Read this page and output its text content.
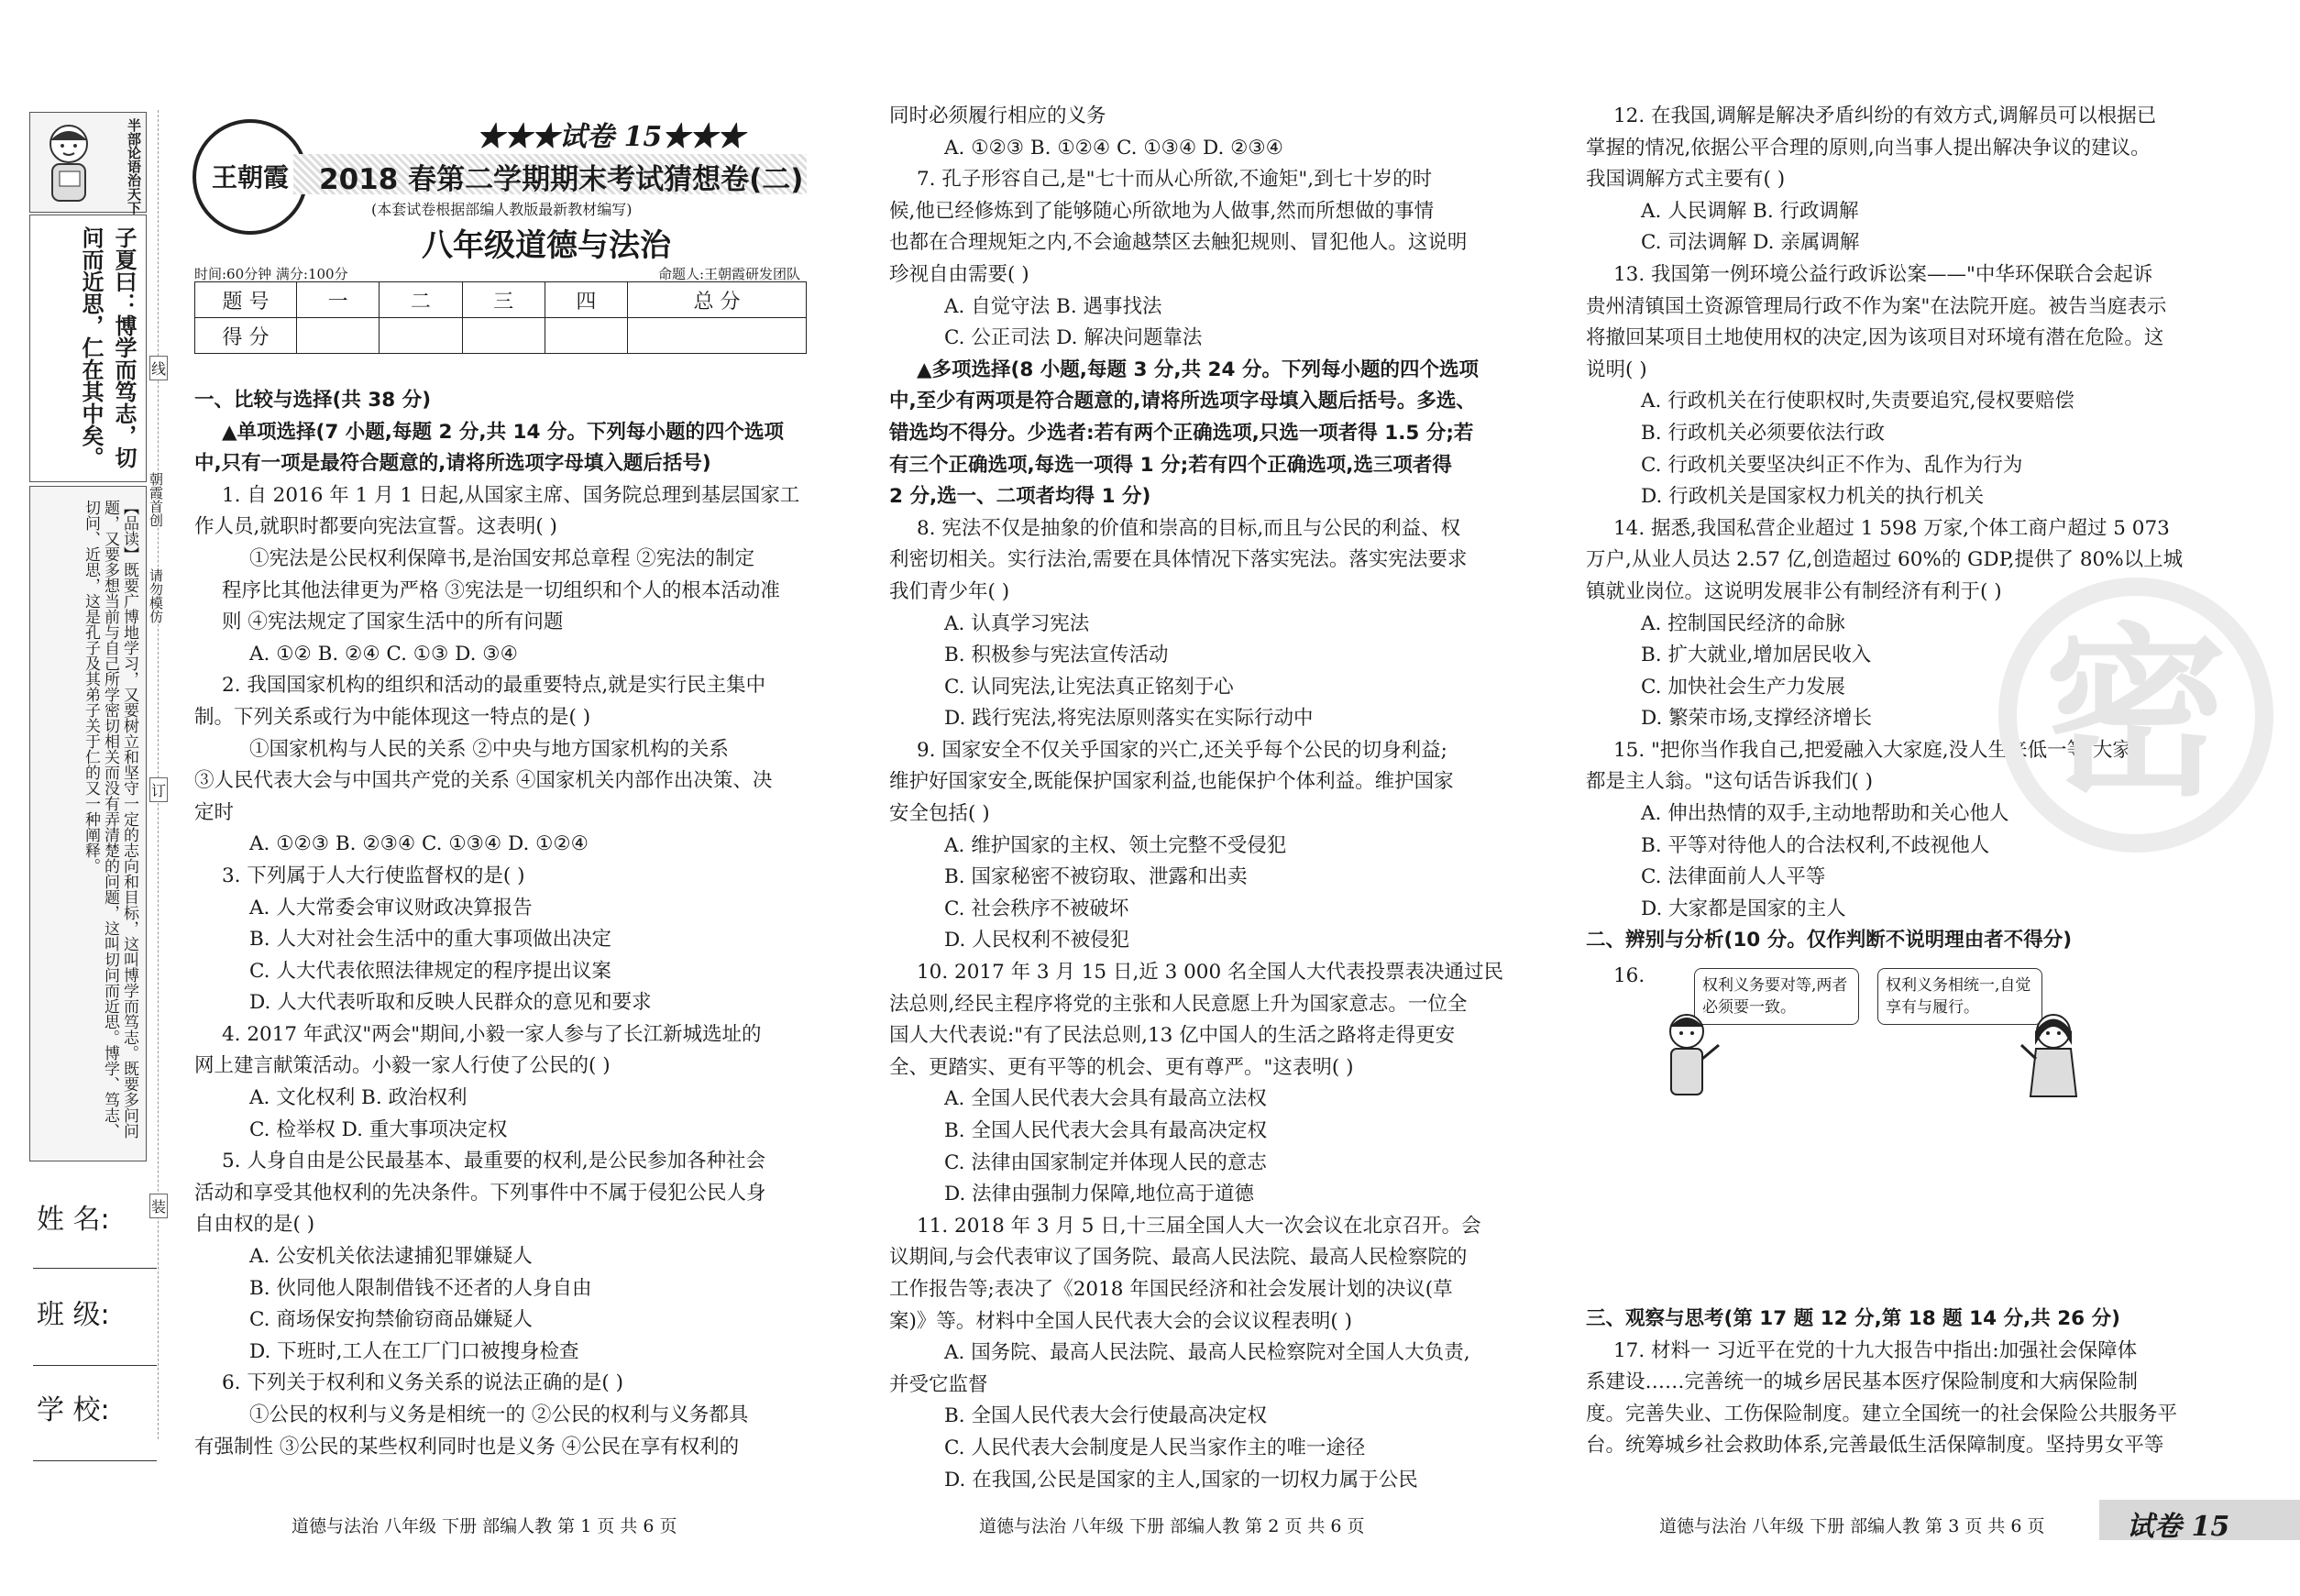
半部论语治天下
子夏曰：博学而笃志，切问而近思，仁在其中矣。
【品读】既要广博地学习，又要树立和坚守一定的志向和目标，这叫博学而笃志。既要多问问题，又要多想当前与自己所学密切相关而没有弄清楚的问题，这叫切问而近思。博学、笃志、切问、近思，这是孔子及其弟子关于仁的又一种阐释。
线
订
装
朝霞首创
请勿模仿
姓 名:
班 级:
学 校:
王朝霞
★★★试卷 15★★★
2018 春第二学期期末考试猜想卷(二)
(本套试卷根据部编人教版最新教材编写)
八年级道德与法治
时间:60分钟 满分:100分	命题人:王朝霞研发团队
题 号	一	二	三	四	总 分
得 分					

一、比较与选择(共 38 分)

▲单项选择(7 小题,每题 2 分,共 14 分。下列每小题的四个选项

中,只有一项是最符合题意的,请将所选项字母填入题后括号)

1. 自 2016 年 1 月 1 日起,从国家主席、国务院总理到基层国家工

作人员,就职时都要向宪法宣誓。这表明( )

①宪法是公民权利保障书,是治国安邦总章程 ②宪法的制定

程序比其他法律更为严格 ③宪法是一切组织和个人的根本活动准

则 ④宪法规定了国家生活中的所有问题

A. ①② B. ②④ C. ①③ D. ③④

2. 我国国家机构的组织和活动的最重要特点,就是实行民主集中

制。下列关系或行为中能体现这一特点的是( )

①国家机构与人民的关系 ②中央与地方国家机构的关系

③人民代表大会与中国共产党的关系 ④国家机关内部作出决策、决

定时

A. ①②③ B. ②③④ C. ①③④ D. ①②④

3. 下列属于人大行使监督权的是( )

A. 人大常委会审议财政决算报告

B. 人大对社会生活中的重大事项做出决定

C. 人大代表依照法律规定的程序提出议案

D. 人大代表听取和反映人民群众的意见和要求

4. 2017 年武汉"两会"期间,小毅一家人参与了长江新城选址的

网上建言献策活动。小毅一家人行使了公民的( )

A. 文化权利 B. 政治权利

C. 检举权 D. 重大事项决定权

5. 人身自由是公民最基本、最重要的权利,是公民参加各种社会

活动和享受其他权利的先决条件。下列事件中不属于侵犯公民人身

自由权的是( )

A. 公安机关依法逮捕犯罪嫌疑人

B. 伙同他人限制借钱不还者的人身自由

C. 商场保安拘禁偷窃商品嫌疑人

D. 下班时,工人在工厂门口被搜身检查

6. 下列关于权利和义务关系的说法正确的是( )

①公民的权利与义务是相统一的 ②公民的权利与义务都具

有强制性 ③公民的某些权利同时也是义务 ④公民在享有权利的

同时必须履行相应的义务

A. ①②③ B. ①②④ C. ①③④ D. ②③④

7. 孔子形容自己,是"七十而从心所欲,不逾矩",到七十岁的时

候,他已经修炼到了能够随心所欲地为人做事,然而所想做的事情

也都在合理规矩之内,不会逾越禁区去触犯规则、冒犯他人。这说明

珍视自由需要( )

A. 自觉守法 B. 遇事找法

C. 公正司法 D. 解决问题靠法

▲多项选择(8 小题,每题 3 分,共 24 分。下列每小题的四个选项

中,至少有两项是符合题意的,请将所选项字母填入题后括号。多选、

错选均不得分。少选者:若有两个正确选项,只选一项者得 1.5 分;若

有三个正确选项,每选一项得 1 分;若有四个正确选项,选三项者得

2 分,选一、二项者均得 1 分)

8. 宪法不仅是抽象的价值和崇高的目标,而且与公民的利益、权

利密切相关。实行法治,需要在具体情况下落实宪法。落实宪法要求

我们青少年( )

A. 认真学习宪法

B. 积极参与宪法宣传活动

C. 认同宪法,让宪法真正铭刻于心

D. 践行宪法,将宪法原则落实在实际行动中

9. 国家安全不仅关乎国家的兴亡,还关乎每个公民的切身利益;

维护好国家安全,既能保护国家利益,也能保护个体利益。维护国家

安全包括( )

A. 维护国家的主权、领土完整不受侵犯

B. 国家秘密不被窃取、泄露和出卖

C. 社会秩序不被破坏

D. 人民权利不被侵犯

10. 2017 年 3 月 15 日,近 3 000 名全国人大代表投票表决通过民

法总则,经民主程序将党的主张和人民意愿上升为国家意志。一位全

国人大代表说:"有了民法总则,13 亿中国人的生活之路将走得更安

全、更踏实、更有平等的机会、更有尊严。"这表明( )

A. 全国人民代表大会具有最高立法权

B. 全国人民代表大会具有最高决定权

C. 法律由国家制定并体现人民的意志

D. 法律由强制力保障,地位高于道德

11. 2018 年 3 月 5 日,十三届全国人大一次会议在北京召开。会

议期间,与会代表审议了国务院、最高人民法院、最高人民检察院的

工作报告等;表决了《2018 年国民经济和社会发展计划的决议(草

案)》等。材料中全国人民代表大会的会议议程表明( )

A. 国务院、最高人民法院、最高人民检察院对全国人大负责,

并受它监督

B. 全国人民代表大会行使最高决定权

C. 人民代表大会制度是人民当家作主的唯一途径

D. 在我国,公民是国家的主人,国家的一切权力属于公民

12. 在我国,调解是解决矛盾纠纷的有效方式,调解员可以根据已

掌握的情况,依据公平合理的原则,向当事人提出解决争议的建议。

我国调解方式主要有( )

A. 人民调解 B. 行政调解

C. 司法调解 D. 亲属调解

13. 我国第一例环境公益行政诉讼案——"中华环保联合会起诉

贵州清镇国土资源管理局行政不作为案"在法院开庭。被告当庭表示

将撤回某项目土地使用权的决定,因为该项目对环境有潜在危险。这

说明( )

A. 行政机关在行使职权时,失责要追究,侵权要赔偿

B. 行政机关必须要依法行政

C. 行政机关要坚决纠正不作为、乱作为行为

D. 行政机关是国家权力机关的执行机关

14. 据悉,我国私营企业超过 1 598 万家,个体工商户超过 5 073

万户,从业人员达 2.57 亿,创造超过 60%的 GDP,提供了 80%以上城

镇就业岗位。这说明发展非公有制经济有利于( )

A. 控制国民经济的命脉

B. 扩大就业,增加居民收入

C. 加快社会生产力发展

D. 繁荣市场,支撑经济增长

15. "把你当作我自己,把爱融入大家庭,没人生来低一等,大家

都是主人翁。"这句话告诉我们( )

A. 伸出热情的双手,主动地帮助和关心他人

B. 平等对待他人的合法权利,不歧视他人

C. 法律面前人人平等

D. 大家都是国家的主人

二、辨别与分析(10 分。仅作判断不说明理由者不得分)

密
16.	权利义务要对等,两者必须要一致。
权利义务相统一,自觉享有与履行。

三、观察与思考(第 17 题 12 分,第 18 题 14 分,共 26 分)

17. 材料一 习近平在党的十九大报告中指出:加强社会保障体

系建设……完善统一的城乡居民基本医疗保险制度和大病保险制

度。完善失业、工伤保险制度。建立全国统一的社会保险公共服务平

台。统筹城乡社会救助体系,完善最低生活保障制度。坚持男女平等

道德与法治 八年级 下册 部编人教 第 1 页 共 6 页	道德与法治 八年级 下册 部编人教 第 2 页 共 6 页	道德与法治 八年级 下册 部编人教 第 3 页 共 6 页	试卷 15
